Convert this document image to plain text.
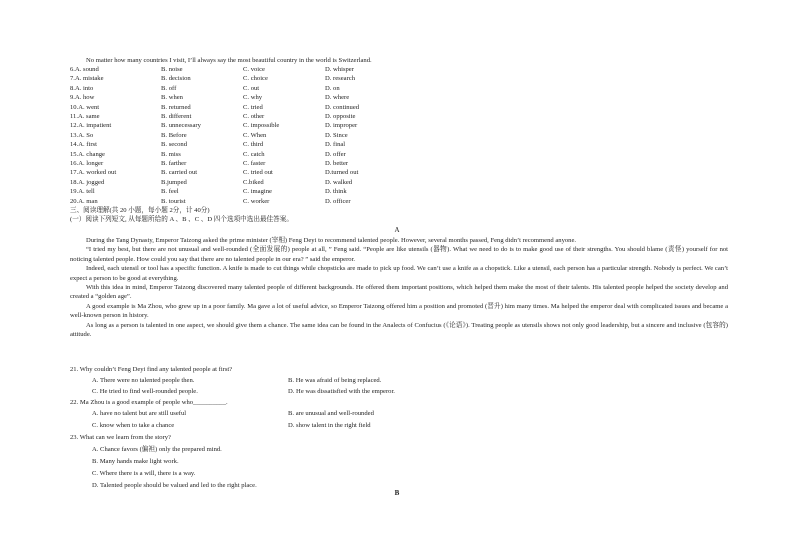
No matter how many countries I visit, I’ll always say the most beautiful country in the world is Switzerland.
6.A. sound	B. noise	C. voice	D. whisper
7.A. mistake	B. decision	C. choice	D. research
8.A. into	B. off	C. out	D. on
9.A. how	B. when	C. why	D. where
10.A. went	B. returned	C. tried	D. continued
11.A. same	B. different	C. other	D. opposite
12.A. impatient	B. unnecessary	C. impossible	D. improper
13.A. So	B. Before	C. When	D. Since
14.A. first	B. second	C. third	D. final
15.A. change	B. miss	C. catch	D. offer
16.A. longer	B. farther	C. faster	D. better
17.A. worked out	B. carried out	C. tried out	D.turned out
18.A. jogged	B.jumped	C.biked	D. walked
19.A. tell	B. feel	C. imagine	D. think
20.A. man	B. tourist	C. worker	D. officer
三、阅读理解(共 20 小题，每小题 2分，计 40分)
(一）阅读下列短文, 从每题所给的 A 、B 、C 、D 四个选项中选出最佳答案。
A
During the Tang Dynasty, Emperor Taizong asked the prime minister (宰相) Feng Deyi to recommend talented people. However, several months passed, Feng didn’t recommend anyone.
“I tried my best, but there are not unusual and well-rounded (全面发展的) people at all, ” Feng said. “People are like utensils (器物). What we need to do is to make good use of their strengths. You should blame (责怪) yourself for not noticing talented people. How could you say that there are no talented people in our era? ” said the emperor.
Indeed, each utensil or tool has a specific function. A knife is made to cut things while chopsticks are made to pick up food. We can’t use a knife as a chopstick. Like a utensil, each person has a particular strength. Nobody is perfect. We can’t expect a person to be good at everything.
With this idea in mind, Emperor Taizong discovered many talented people of different backgrounds. He offered them important positions, which helped them make the most of their talents. His talented people helped the society develop and created a “golden age”.
A good example is Ma Zhou, who grew up in a poor family. Ma gave a lot of useful advice, so Emperor Taizong offered him a position and promoted (晋升) him many times. Ma helped the emperor deal with complicated issues and became a well-known person in history.
As long as a person is talented in one aspect, we should give them a chance. The same idea can be found in the Analects of Confucius (《论语》). Treating people as utensils shows not only good leadership, but a sincere and inclusive (包容的) attitude.
21. Why couldn’t Feng Deyi find any talented people at first?
A. There were no talented people then.	B. He was afraid of being replaced.
C. He tried to find well-rounded people.	D. He was dissatisfied with the emperor.
22. Ma Zhou is a good example of people who__________.
A. have no talent but are still useful	B. are unusual and well-rounded
C. know when to take a chance	D. show talent in the right field
23. What can we learn from the story?
A. Chance favors (偏袒) only the prepared mind.
B. Many hands make light work.
C. Where there is a will, there is a way.
D. Talented people should be valued and led to the right place.
B
